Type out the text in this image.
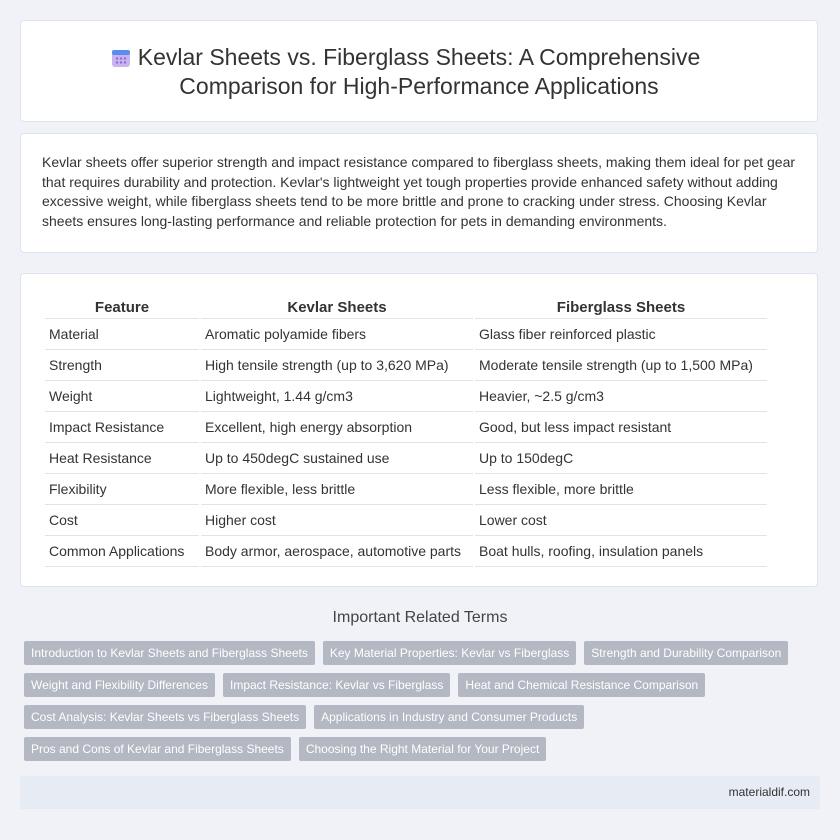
Kevlar Sheets vs. Fiberglass Sheets: A Comprehensive Comparison for High-Performance Applications

Kevlar sheets offer superior strength and impact resistance compared to fiberglass sheets, making them ideal for pet gear that requires durability and protection. Kevlar's lightweight yet tough properties provide enhanced safety without adding excessive weight, while fiberglass sheets tend to be more brittle and prone to cracking under stress. Choosing Kevlar sheets ensures long-lasting performance and reliable protection for pets in demanding environments.

Feature	Kevlar Sheets	Fiberglass Sheets
Material	Aromatic polyamide fibers	Glass fiber reinforced plastic
Strength	High tensile strength (up to 3,620 MPa)	Moderate tensile strength (up to 1,500 MPa)
Weight	Lightweight, 1.44 g/cm3	Heavier, ~2.5 g/cm3
Impact Resistance	Excellent, high energy absorption	Good, but less impact resistant
Heat Resistance	Up to 450degC sustained use	Up to 150degC
Flexibility	More flexible, less brittle	Less flexible, more brittle
Cost	Higher cost	Lower cost
Common Applications	Body armor, aerospace, automotive parts	Boat hulls, roofing, insulation panels
Important Related Terms
Introduction to Kevlar Sheets and Fiberglass Sheets	Key Material Properties: Kevlar vs Fiberglass	Strength and Durability Comparison
Weight and Flexibility Differences	Impact Resistance: Kevlar vs Fiberglass	Heat and Chemical Resistance Comparison
Cost Analysis: Kevlar Sheets vs Fiberglass Sheets	Applications in Industry and Consumer Products
Pros and Cons of Kevlar and Fiberglass Sheets	Choosing the Right Material for Your Project
materialdif.com
